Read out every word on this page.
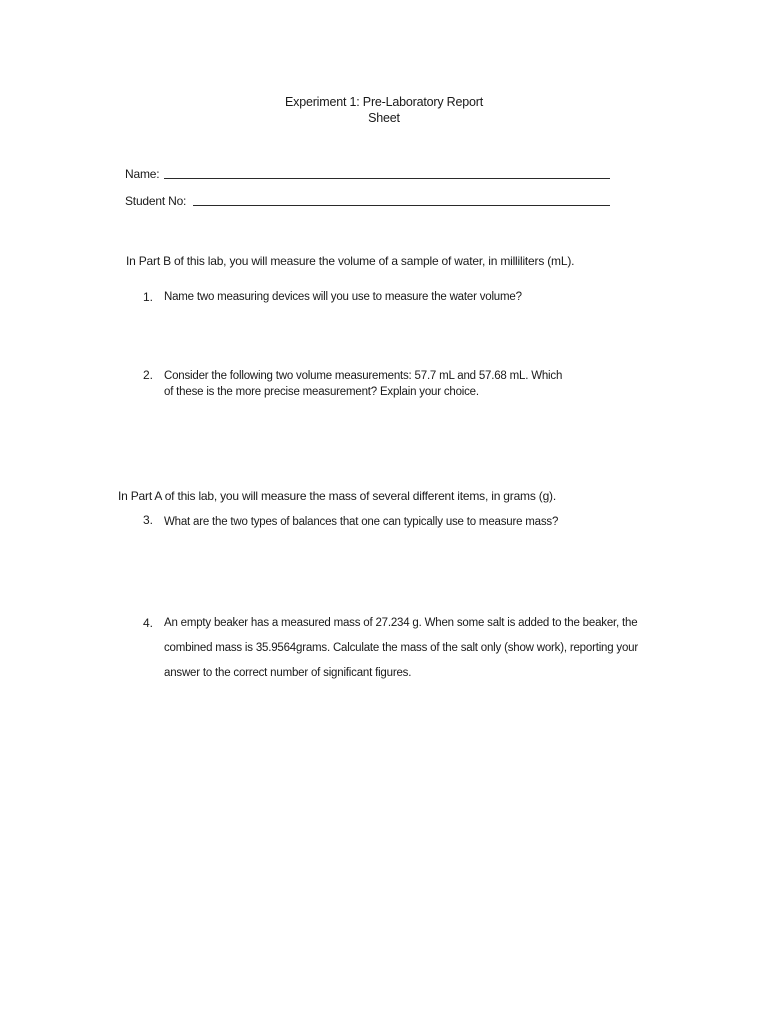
Experiment 1: Pre-Laboratory Report
Sheet
Name:
Student No:
In Part B of this lab, you will measure the volume of a sample of water, in milliliters (mL).
1. Name two measuring devices will you use to measure the water volume?
2. Consider the following two volume measurements: 57.7 mL and 57.68 mL. Which
of these is the more precise measurement? Explain your choice.
In Part A of this lab, you will measure the mass of several different items, in grams (g).
3. What are the two types of balances that one can typically use to measure mass?
4. An empty beaker has a measured mass of 27.234 g. When some salt is added to the beaker, the
combined mass is 35.9564grams. Calculate the mass of the salt only (show work), reporting your
answer to the correct number of significant figures.
